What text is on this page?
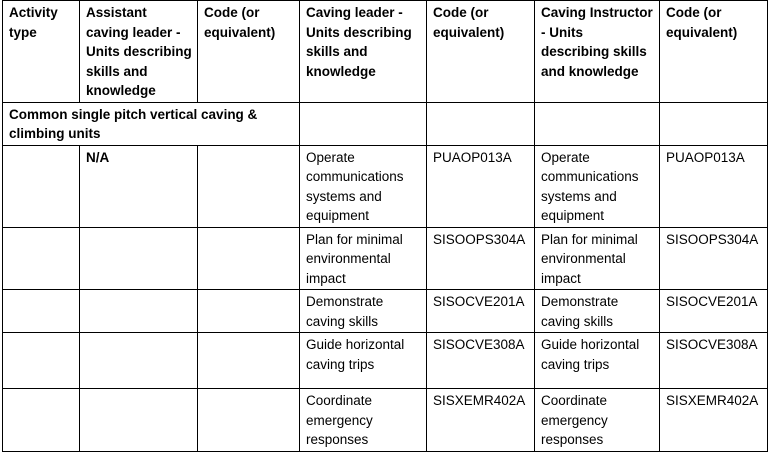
Activity type	Assistant caving leader - Units describing skills and knowledge	Code (or equivalent)	Caving leader - Units describing skills and knowledge	Code (or equivalent)	Caving Instructor - Units describing skills and knowledge	Code (or equivalent)
Common single pitch vertical caving & climbing units						
	N/A		Operate communications systems and equipment	PUAOP013A	Operate communications systems and equipment	PUAOP013A
			Plan for minimal environmental impact	SISOOPS304A	Plan for minimal environmental impact	SISOOPS304A
			Demonstrate caving skills	SISOCVE201A	Demonstrate caving skills	SISOCVE201A
			Guide horizontal caving trips	SISOCVE308A	Guide horizontal caving trips	SISOCVE308A
			Coordinate emergency responses	SISXEMR402A	Coordinate emergency responses	SISXEMR402A
